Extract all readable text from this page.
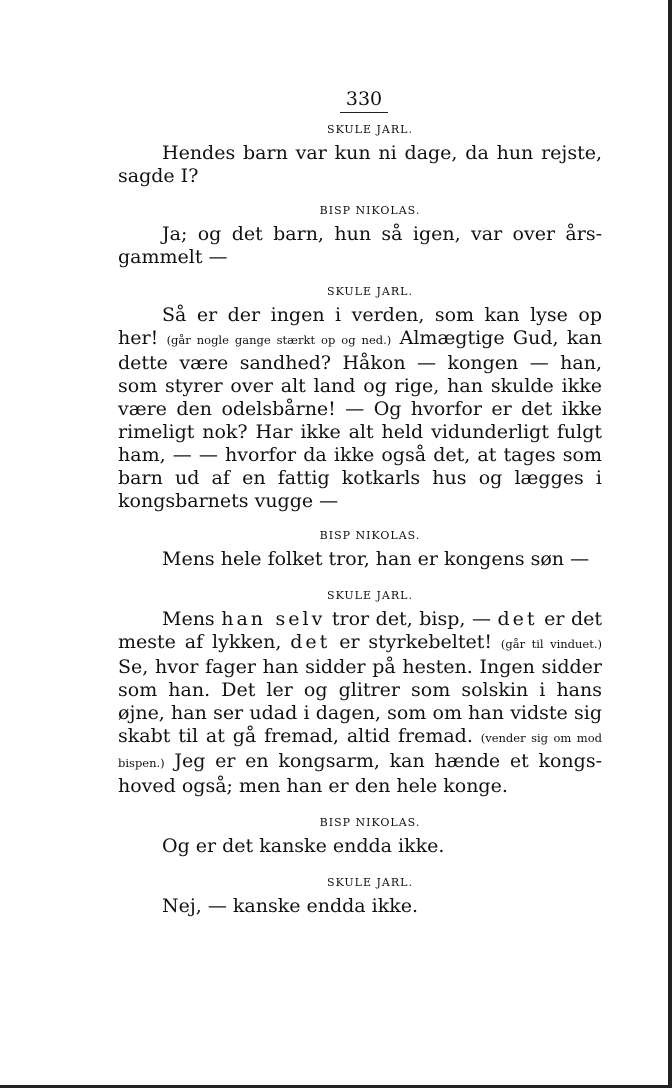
330
SKULE JARL.

Hendes barn var kun ni dage, da hun rejste, sagde I?

BISP NIKOLAS.

Ja; og det barn, hun så igen, var over års-gammelt —

SKULE JARL.

Så er der ingen i verden, som kan lyse op her! (går nogle gange stærkt op og ned.) Almægtige Gud, kan dette være sandhed? Håkon — kongen — han, som styrer over alt land og rige, han skulde ikke være den odelsbårne! — Og hvorfor er det ikke rimeligt nok? Har ikke alt held vidunderligt fulgt ham, — — hvorfor da ikke også det, at tages som barn ud af en fattig kotkarls hus og lægges i kongsbarnets vugge —

BISP NIKOLAS.

Mens hele folket tror, han er kongens søn —

SKULE JARL.

Mens han selv tror det, bisp, — det er det meste af lykken, det er styrkebeltet! (går til vinduet.) Se, hvor fager han sidder på hesten. Ingen sidder som han. Det ler og glitrer som solskin i hans øjne, han ser udad i dagen, som om han vidste sig skabt til at gå fremad, altid fremad. (vender sig om mod bispen.) Jeg er en kongsarm, kan hænde et kongs-hoved også; men han er den hele konge.

BISP NIKOLAS.

Og er det kanske endda ikke.

SKULE JARL.

Nej, — kanske endda ikke.
